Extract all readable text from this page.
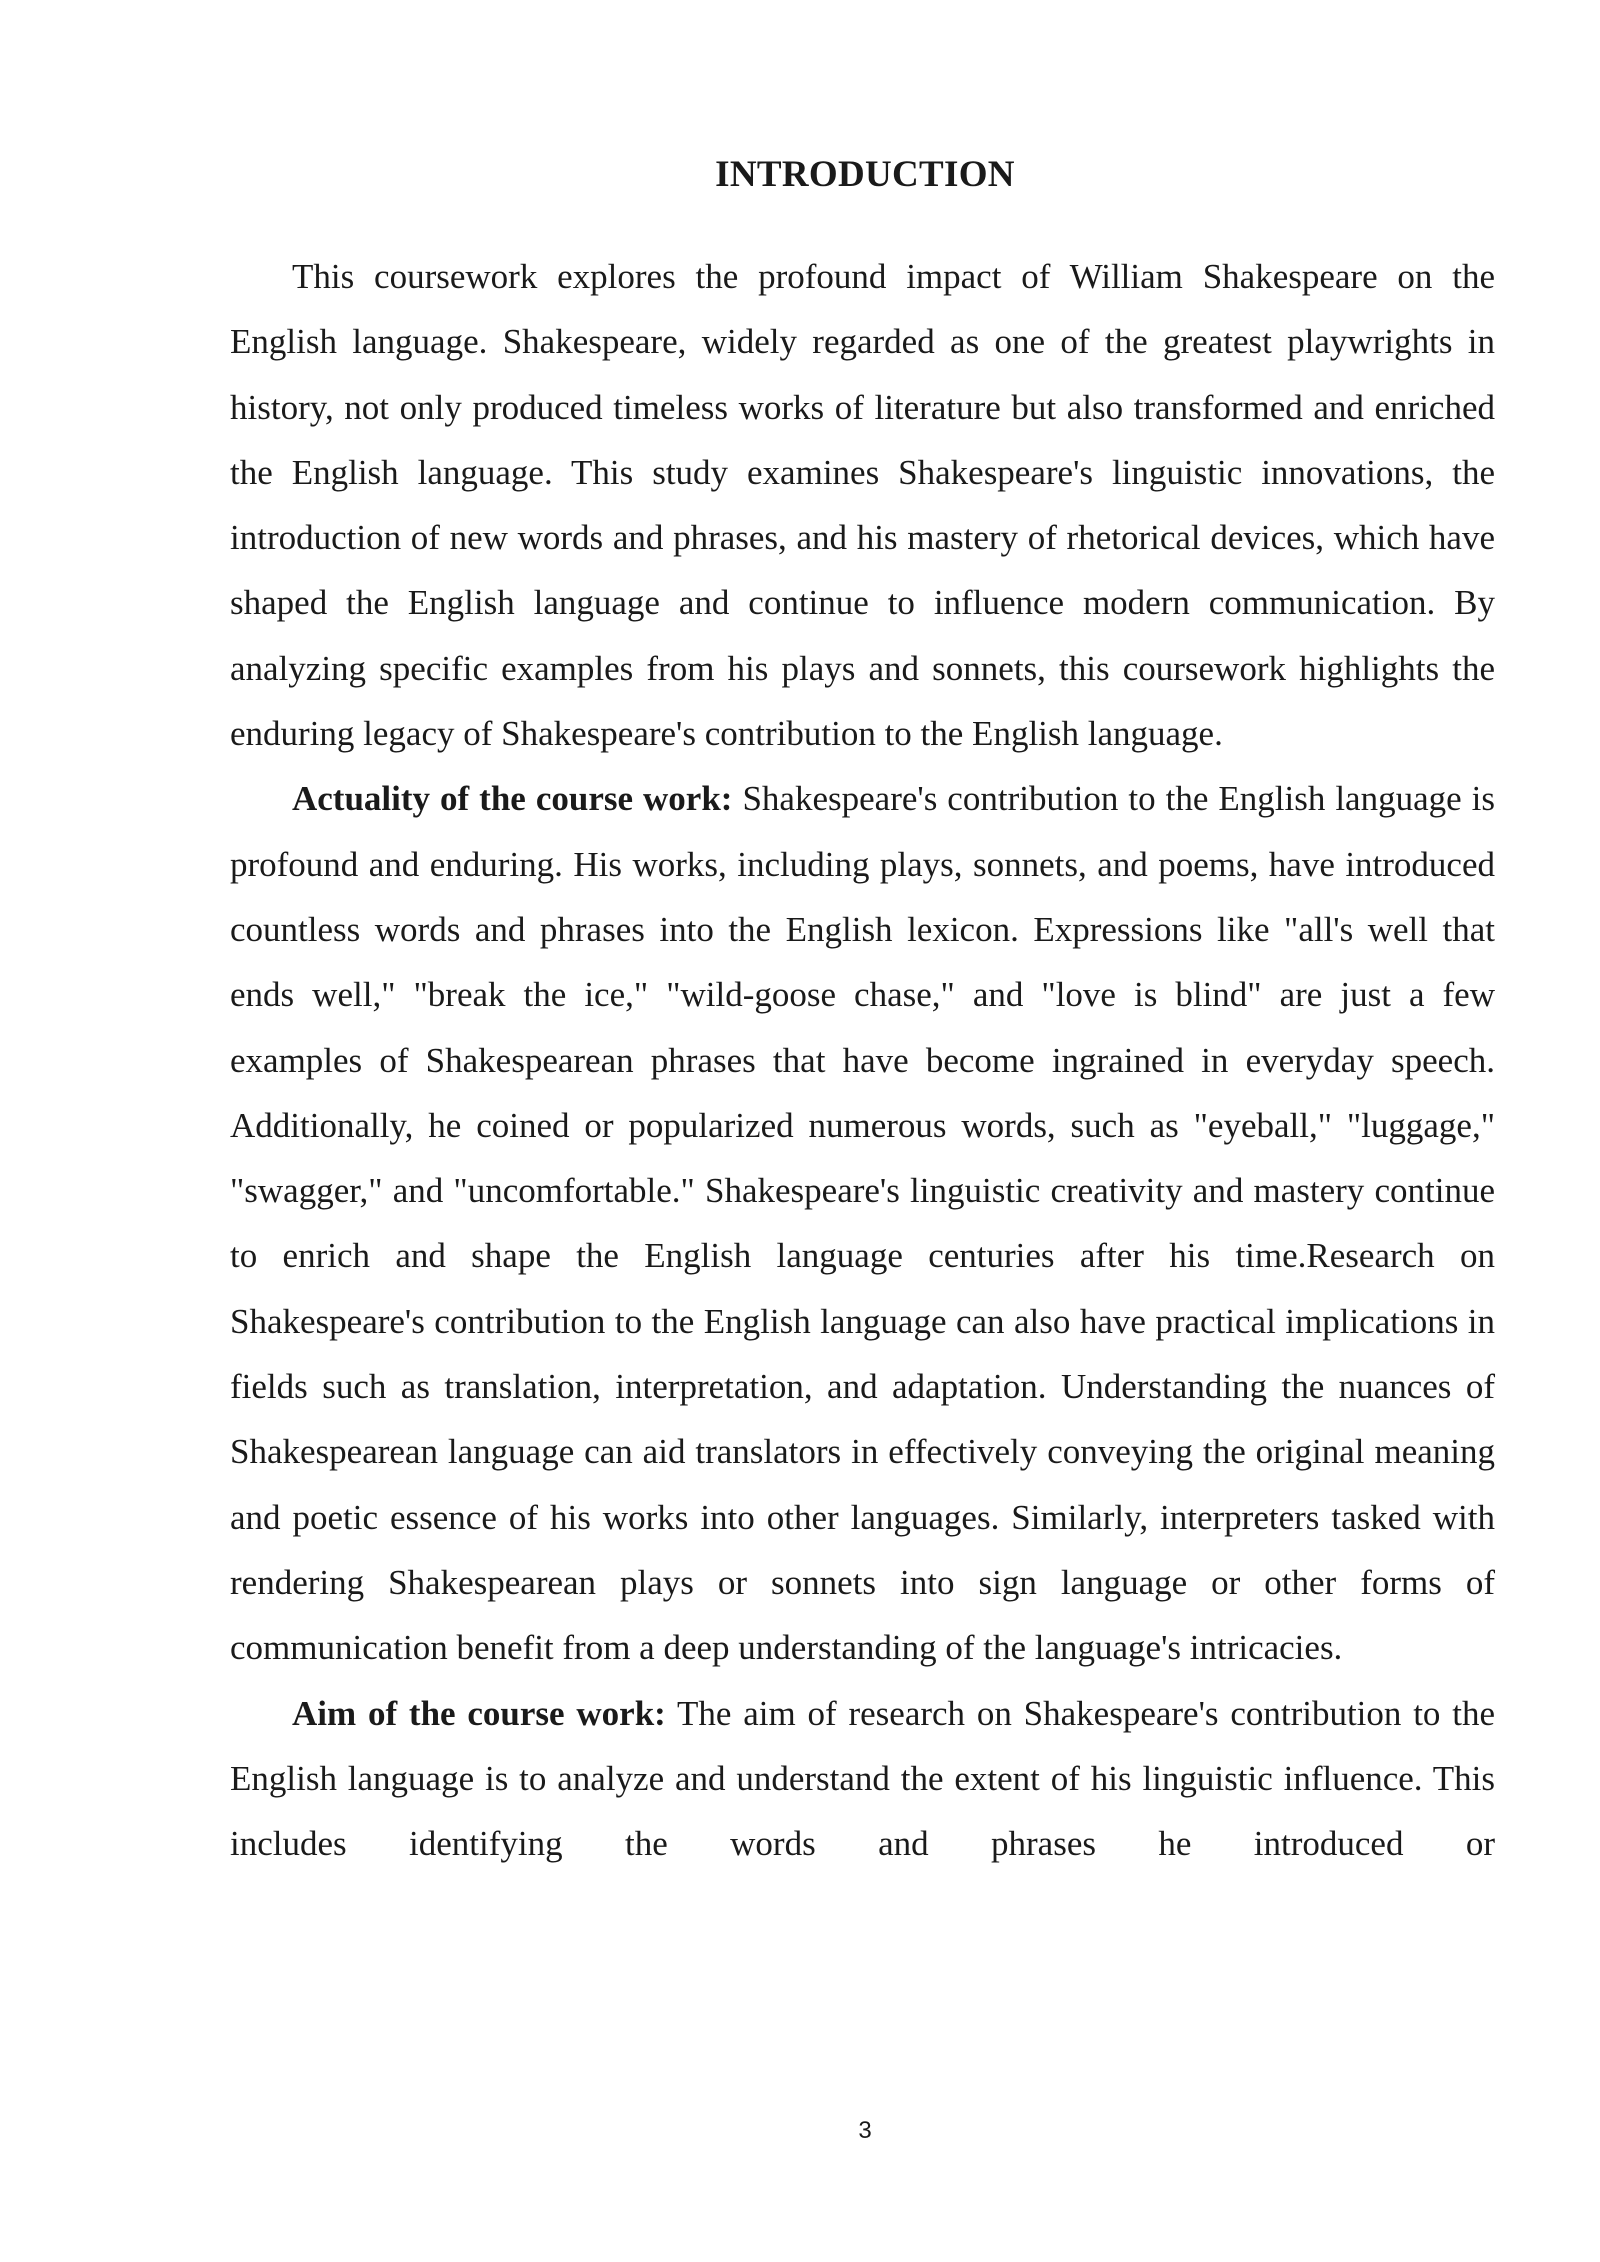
INTRODUCTION

This coursework explores the profound impact of William Shakespeare on the English language. Shakespeare, widely regarded as one of the greatest playwrights in history, not only produced timeless works of literature but also transformed and enriched the English language. This study examines Shakespeare's linguistic innovations, the introduction of new words and phrases, and his mastery of rhetorical devices, which have shaped the English language and continue to influence modern communication. By analyzing specific examples from his plays and sonnets, this coursework highlights the enduring legacy of Shakespeare's contribution to the English language.

Actuality of the course work: Shakespeare's contribution to the English language is profound and enduring. His works, including plays, sonnets, and poems, have introduced countless words and phrases into the English lexicon. Expressions like "all's well that ends well," "break the ice," "wild-goose chase," and "love is blind" are just a few examples of Shakespearean phrases that have become ingrained in everyday speech. Additionally, he coined or popularized numerous words, such as "eyeball," "luggage," "swagger," and "uncomfortable." Shakespeare's linguistic creativity and mastery continue to enrich and shape the English language centuries after his time.Research on Shakespeare's contribution to the English language can also have practical implications in fields such as translation, interpretation, and adaptation. Understanding the nuances of Shakespearean language can aid translators in effectively conveying the original meaning and poetic essence of his works into other languages. Similarly, interpreters tasked with rendering Shakespearean plays or sonnets into sign language or other forms of communication benefit from a deep understanding of the language's intricacies.

Aim of the course work: The aim of research on Shakespeare's contribution to the English language is to analyze and understand the extent of his linguistic influence. This includes identifying the words and phrases he introduced or

3
